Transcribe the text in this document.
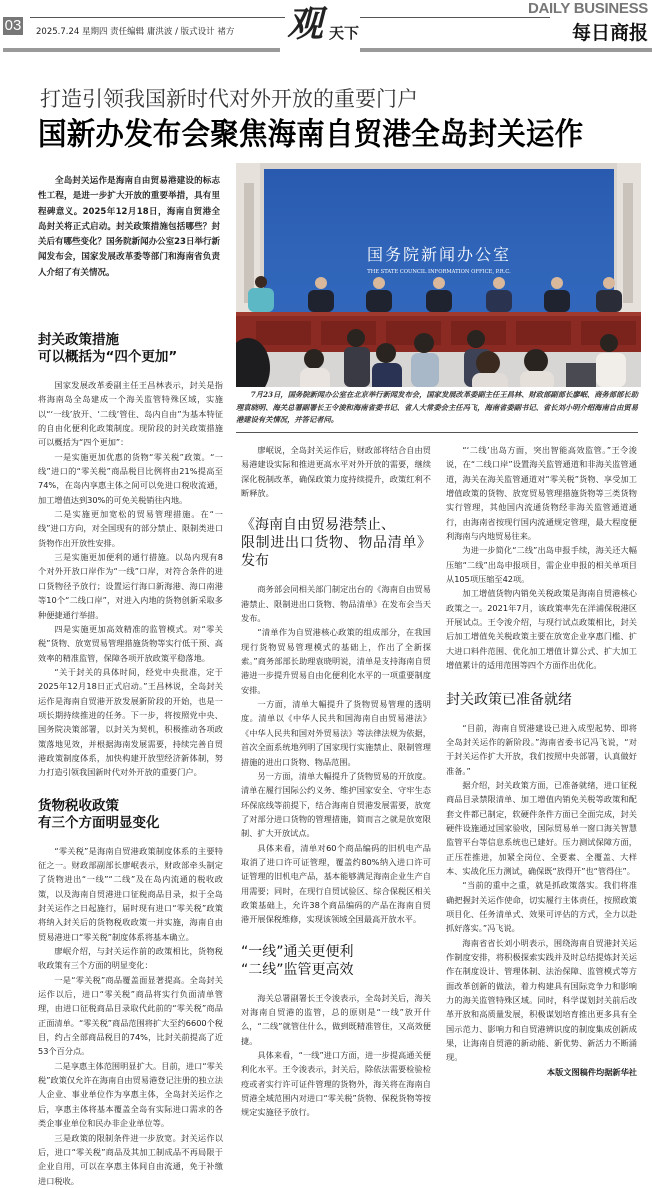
03 2025.7.24 星期四 责任编辑 庸洪波 / 版式设计 褚方 观 天下
DAILY BUSINESS
每日商报
打造引领我国新时代对外开放的重要门户
国新办发布会聚焦海南自贸港全岛封关运作

全岛封关运作是海南自由贸易港建设的标志性工程，是进一步扩大开放的重要举措，具有里程碑意义。2025年12月18日，海南自贸港全岛封关将正式启动。封关政策措施包括哪些？封关后有哪些变化？国务院新闻办公室23日举行新闻发布会，国家发展改革委等部门和海南省负责人介绍了有关情况。

国务院新闻办公室
THE STATE COUNCIL INFORMATION OFFICE, P.R.C.
7月23日，国务院新闻办公室在北京举行新闻发布会，国家发展改革委副主任王昌林、财政部副部长廖岷、商务部部长助理袁晓明、海关总署副署长王令浚和海南省委书记、省人大常委会主任冯飞，海南省委副书记、省长刘小明介绍海南自由贸易港建设有关情况，并答记者问。
封关政策措施
可以概括为“四个更加”

国家发展改革委副主任王昌林表示，封关是指将海南岛全岛建成一个海关监管特殊区域，实施以“‘一线’放开、‘二线’管住、岛内自由”为基本特征的自由化便利化政策制度。现阶段的封关政策措施可以概括为“四个更加”：

一是实施更加优惠的货物“零关税”政策。“一线”进口的“零关税”商品税目比例将由21%提高至74%，在岛内享惠主体之间可以免进口税收流通，加工增值达到30%的可免关税销往内地。

二是实施更加宽松的贸易管理措施。在“一线”进口方向，对全国现有的部分禁止、限制类进口货物作出开放性安排。

三是实施更加便利的通行措施。以岛内现有8个对外开放口岸作为“一线”口岸，对符合条件的进口货物径予放行；设置运行海口新海港、海口南港等10个“二线口岸”，对进入内地的货物创新采取多种便捷通行举措。

四是实施更加高效精准的监管模式。对“零关税”货物、放宽贸易管理措施货物等实行低干预、高效率的精准监管，保障各项开放政策平稳落地。

“关于封关的具体时间，经党中央批准，定于2025年12月18日正式启动。”王昌林说，全岛封关运作是海南自贸港开放发展新阶段的开始，也是一项长期持续推进的任务。下一步，将按照党中央、国务院决策部署，以封关为契机，积极推动各项政策落地见效，并根据海南发展需要，持续完善自贸港政策制度体系，加快构建开放型经济新体制，努力打造引领我国新时代对外开放的重要门户。

货物税收政策
有三个方面明显变化

“零关税”是海南自贸港政策制度体系的主要特征之一。财政部副部长廖岷表示，财政部牵头制定了货物进出“一线”“二线”及在岛内流通的税收政策，以及海南自贸港进口征税商品目录，拟于全岛封关运作之日起施行，届时现有进口“零关税”政策将纳入封关后的货物税收政策一并实施，海南自由贸易港进口“零关税”制度体系将基本确立。

廖岷介绍，与封关运作前的政策相比，货物税收政策有三个方面的明显变化：

一是“零关税”商品覆盖面显著提高。全岛封关运作以后，进口“零关税”商品将实行负面清单管理，由进口征税商品目录取代此前的“零关税”商品正面清单。“零关税”商品范围将扩大至约6600个税目，约占全部商品税目的74%，比封关前提高了近53个百分点。

二是享惠主体范围明显扩大。目前，进口“零关税”政策仅允许在海南自由贸易港登记注册的独立法人企业、事业单位作为享惠主体，全岛封关运作之后，享惠主体将基本覆盖全岛有实际进口需求的各类企事业单位和民办非企业单位等。

三是政策的限制条件进一步放宽。封关运作以后，进口“零关税”商品及其加工制成品不再局限于企业自用，可以在享惠主体间自由流通，免于补缴进口税收。

廖岷说，全岛封关运作后，财政部将结合自由贸易港建设实际和推进更高水平对外开放的需要，继续深化税制改革，确保政策力度持续提升，政策红利不断释放。

《海南自由贸易港禁止、
限制进出口货物、物品清单》发布

商务部会同相关部门制定出台的《海南自由贸易港禁止、限制进出口货物、物品清单》在发布会当天发布。

“清单作为自贸港核心政策的组成部分，在我国现行货物贸易管理模式的基础上，作出了全新探索。”商务部部长助理袁晓明说，清单是支持海南自贸港进一步提升贸易自由化便利化水平的一项重要制度安排。

一方面，清单大幅提升了货物贸易管理的透明度。清单以《中华人民共和国海南自由贸易港法》《中华人民共和国对外贸易法》等法律法规为依据，首次全面系统地列明了国家现行实施禁止、限制管理措施的进出口货物、物品范围。

另一方面，清单大幅提升了货物贸易的开放度。清单在履行国际公约义务、维护国家安全、守牢生态环保底线等前提下，结合海南自贸港发展需要，放宽了对部分进口货物的管理措施，简而言之就是放宽限制、扩大开放试点。

具体来看，清单对60个商品编码的旧机电产品取消了进口许可证管理，覆盖约80%纳入进口许可证管理的旧机电产品，基本能够满足海南企业生产自用需要；同时，在现行自贸试验区、综合保税区相关政策基础上，允许38个商品编码的产品在海南自贸港开展保税维修，实现该领域全国最高开放水平。

“一线”通关更便利
“二线”监管更高效

海关总署副署长王令浚表示，全岛封关后，海关对海南自贸港的监管，总的原则是“一线”放开什么，“二线”就管住什么，做到既精准管住，又高效便捷。

具体来看，“一线”进口方面，进一步提高通关便利化水平。王令浚表示，封关后，除依法需要检验检疫或者实行许可证件管理的货物外，海关将在海南自贸港全域范围内对进口“零关税”货物、保税货物等按规定实施径予放行。

“‘二线’出岛方面，突出智能高效监管。”王令浚说，在“二线口岸”设置海关监管通道和非海关监管通道，海关在海关监管通道对“零关税”货物、享受加工增值政策的货物、放宽贸易管理措施货物等三类货物实行管理，其他国内流通货物经非海关监管通道通行，由海南省按现行国内流通规定管理，最大程度便利海南与内地贸易往来。

为进一步简化“二线”出岛申报手续，海关还大幅压缩“二线”出岛申报项目，需企业申报的相关单项目从105项压缩至42项。

加工增值货物内销免关税政策是海南自贸港核心政策之一。2021年7月，该政策率先在洋浦保税港区开展试点。王令浚介绍，与现行试点政策相比，封关后加工增值免关税政策主要在放宽企业享惠门槛、扩大进口料件范围、优化加工增值计算公式、扩大加工增值累计的适用范围等四个方面作出优化。

封关政策已准备就绪

“目前，海南自贸港建设已进入成型起势、即将全岛封关运作的新阶段。”海南省委书记冯飞说，“对于封关运作扩大开放，我们按照中央部署，认真做好准备。”

据介绍，封关政策方面，已准备就绪，进口征税商品目录禁限清单、加工增值内销免关税等政策和配套文件都已制定，软硬件条件方面已全面完成，封关硬件设施通过国家验收，国际贸易单一窗口海关智慧监管平台等信息系统也已建好。压力测试保障方面，正压茬推进，加紧全岗位、全要素、全覆盖、大样本、实战化压力测试，确保既“放得开”也“管得住”。

“当前的重中之重，就是抓政策落实。我们将准确把握封关运作使命，切实履行主体责任，按照政策项目化、任务清单式、效果可评估的方式，全力以赴抓好落实。”冯飞说。

海南省省长刘小明表示，围绕海南自贸港封关运作制度安排，将积极探索实践并及时总结提炼封关运作在制度设计、管理体制、法治保障、监管模式等方面改革创新的做法，着力构建具有国际竞争力和影响力的海关监管特殊区域。同时，科学谋划封关前后改革开放和高质量发展，积极谋划培育推出更多具有全国示范力、影响力和自贸港辨识度的制度集成创新成果，让海南自贸港的新动能、新优势、新活力不断涌现。

本版文图稿件均据新华社
